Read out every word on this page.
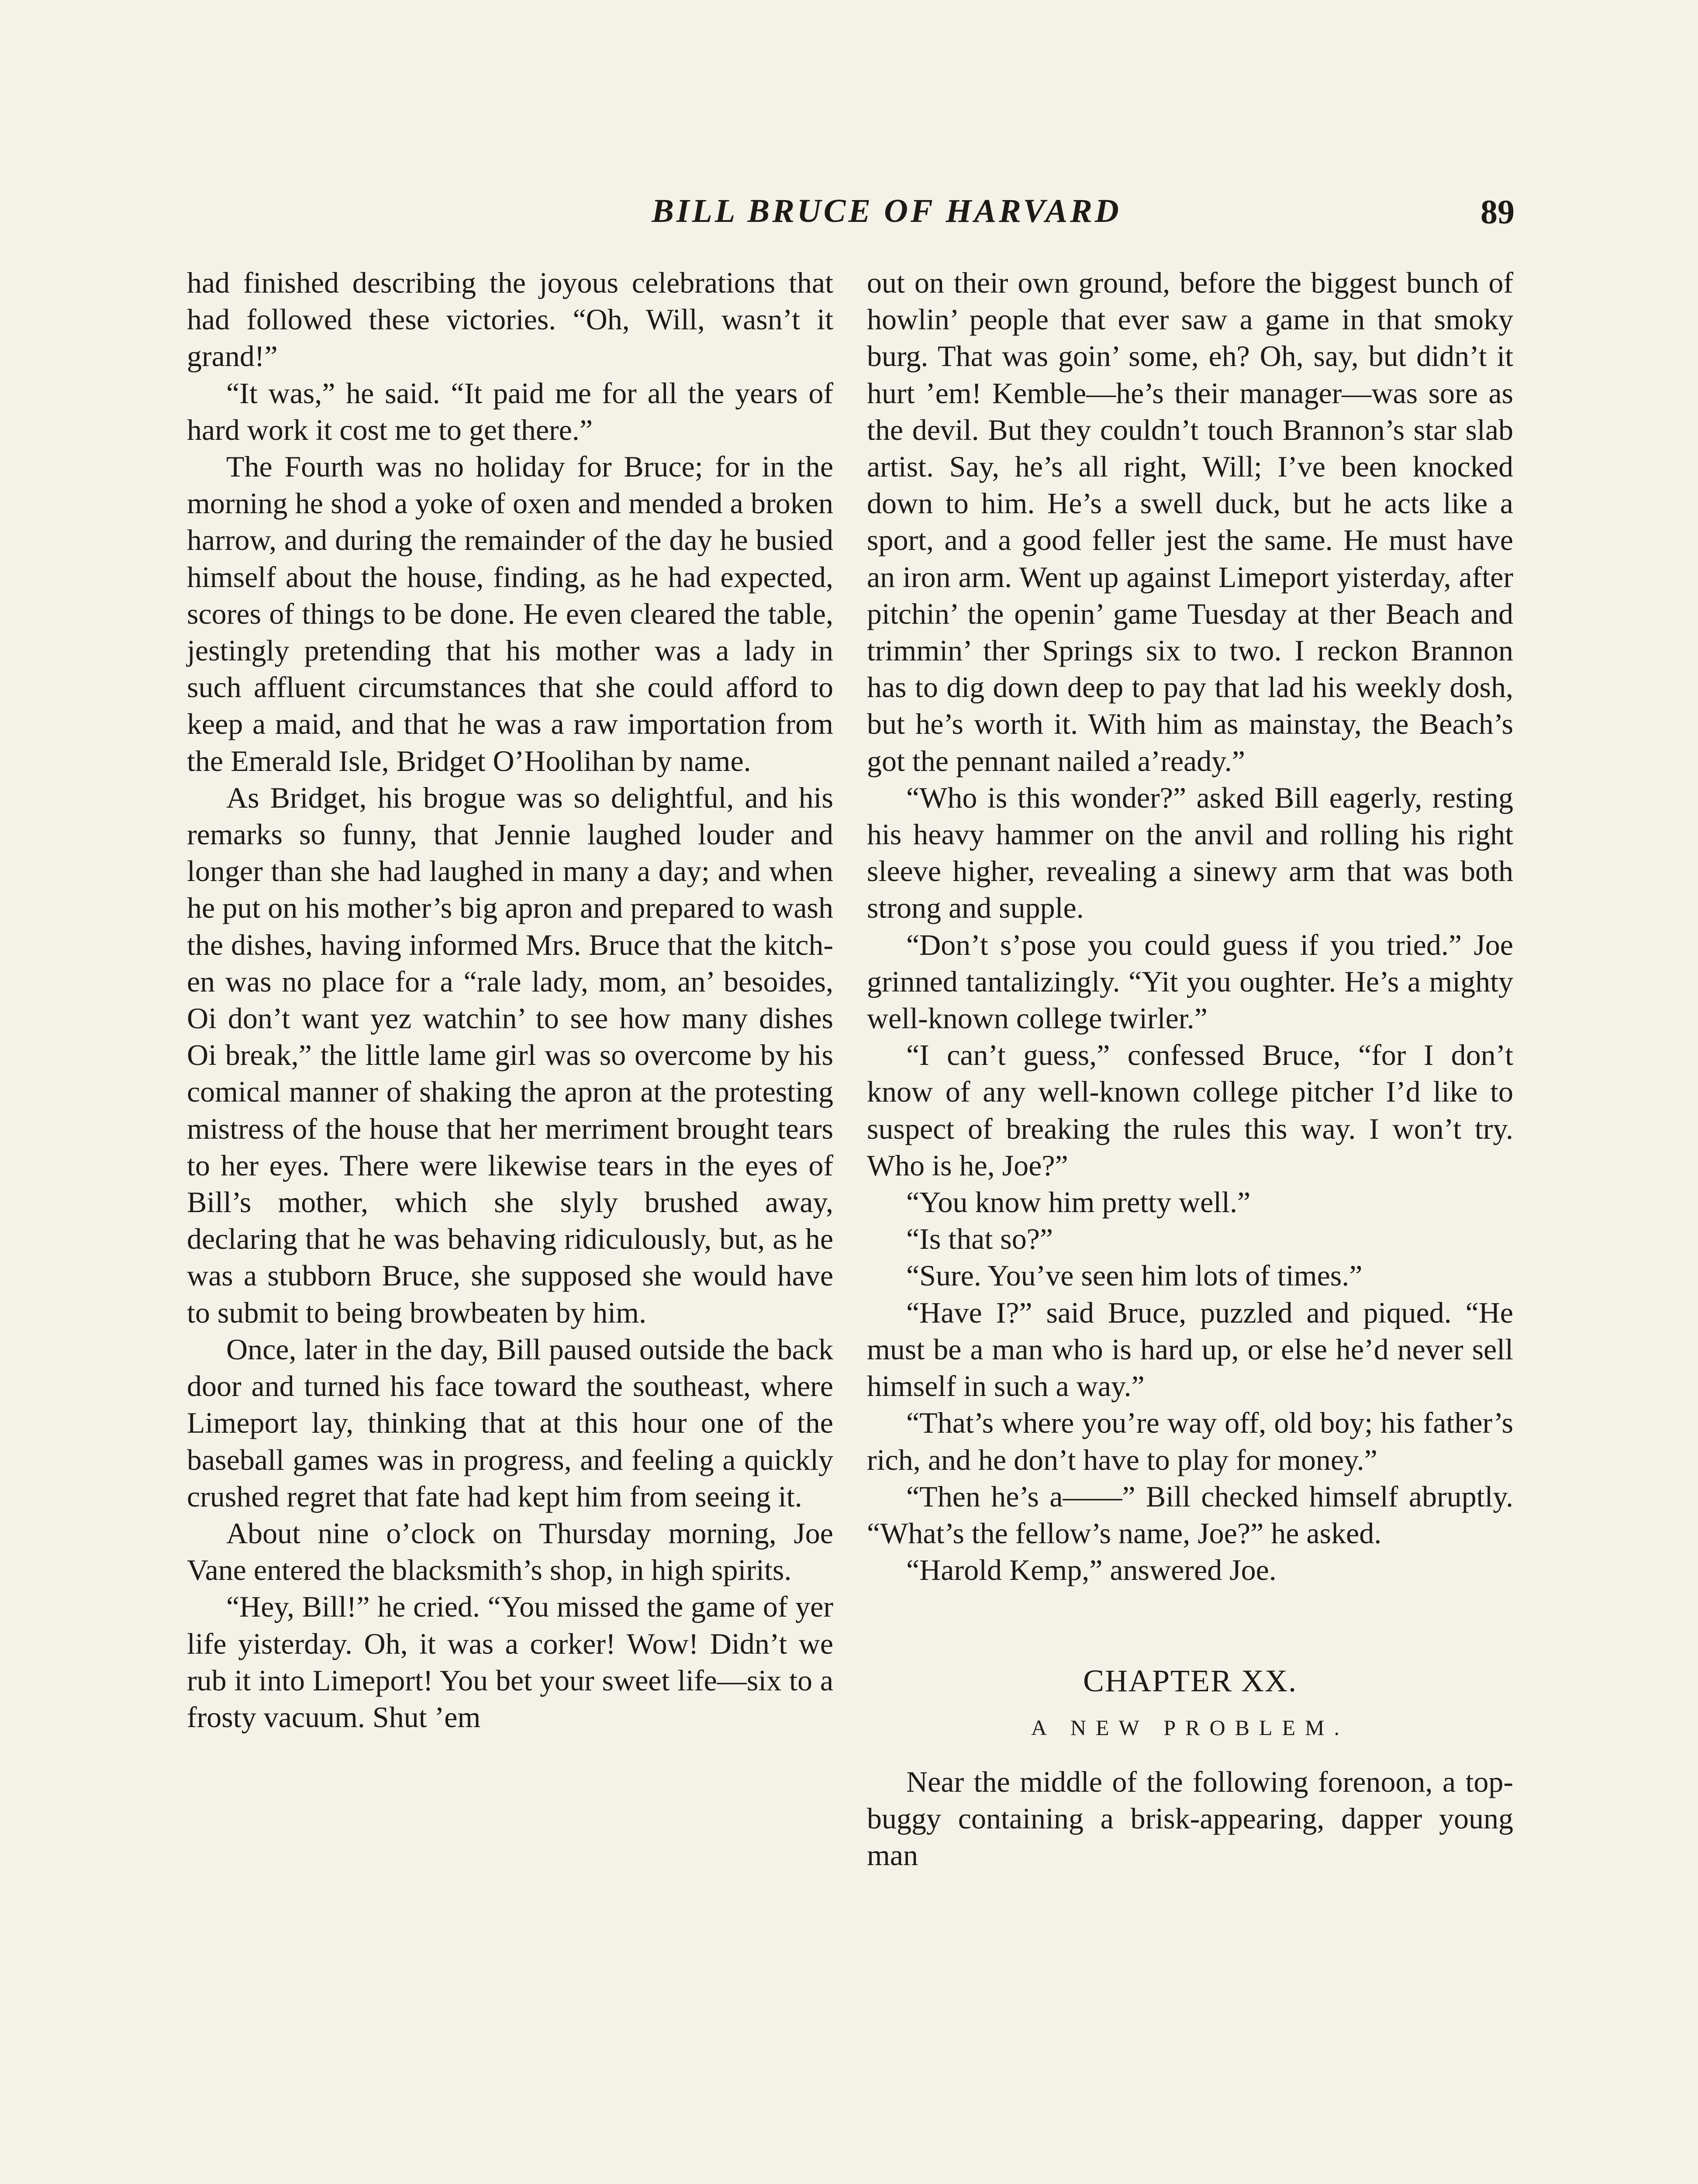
BILL BRUCE OF HARVARD	89

had finished describing the joyous celebrations that had followed these victories. “Oh, Will, wasn’t it grand!”

“It was,” he said. “It paid me for all the years of hard work it cost me to get there.”

The Fourth was no holiday for Bruce; for in the morning he shod a yoke of oxen and mended a broken harrow, and during the remainder of the day he busied himself about the house, finding, as he had expected, scores of things to be done. He even cleared the table, jestingly pretending that his mother was a lady in such affluent circumstances that she could afford to keep a maid, and that he was a raw importation from the Emerald Isle, Bridget O’Hoolihan by name.

As Bridget, his brogue was so delightful, and his remarks so funny, that Jennie laughed louder and longer than she had laughed in many a day; and when he put on his mother’s big apron and prepared to wash the dishes, having informed Mrs. Bruce that the kitchen was no place for a “rale lady, mom, an’ besoides, Oi don’t want yez watchin’ to see how many dishes Oi break,” the little lame girl was so overcome by his comical manner of shaking the apron at the protesting mistress of the house that her merriment brought tears to her eyes. There were likewise tears in the eyes of Bill’s mother, which she slyly brushed away, declaring that he was behaving ridiculously, but, as he was a stubborn Bruce, she supposed she would have to submit to being browbeaten by him.

Once, later in the day, Bill paused outside the back door and turned his face toward the southeast, where Limeport lay, thinking that at this hour one of the baseball games was in progress, and feeling a quickly crushed regret that fate had kept him from seeing it.

About nine o’clock on Thursday morning, Joe Vane entered the blacksmith’s shop, in high spirits.

“Hey, Bill!” he cried. “You missed the game of yer life yisterday. Oh, it was a corker! Wow! Didn’t we rub it into Limeport! You bet your sweet life—six to a frosty vacuum. Shut ’em

out on their own ground, before the biggest bunch of howlin’ people that ever saw a game in that smoky burg. That was goin’ some, eh? Oh, say, but didn’t it hurt ’em! Kemble—he’s their manager—was sore as the devil. But they couldn’t touch Brannon’s star slab artist. Say, he’s all right, Will; I’ve been knocked down to him. He’s a swell duck, but he acts like a sport, and a good feller jest the same. He must have an iron arm. Went up against Limeport yisterday, after pitchin’ the openin’ game Tuesday at ther Beach and trimmin’ ther Springs six to two. I reckon Brannon has to dig down deep to pay that lad his weekly dosh, but he’s worth it. With him as mainstay, the Beach’s got the pennant nailed a’ready.”

“Who is this wonder?” asked Bill eagerly, resting his heavy hammer on the anvil and rolling his right sleeve higher, revealing a sinewy arm that was both strong and supple.

“Don’t s’pose you could guess if you tried.” Joe grinned tantalizingly. “Yit you oughter. He’s a mighty well-known college twirler.”

“I can’t guess,” confessed Bruce, “for I don’t know of any well-known college pitcher I’d like to suspect of breaking the rules this way. I won’t try. Who is he, Joe?”

“You know him pretty well.”

“Is that so?”

“Sure. You’ve seen him lots of times.”

“Have I?” said Bruce, puzzled and piqued. “He must be a man who is hard up, or else he’d never sell himself in such a way.”

“That’s where you’re way off, old boy; his father’s rich, and he don’t have to play for money.”

“Then he’s a——” Bill checked himself abruptly. “What’s the fellow’s name, Joe?” he asked.

“Harold Kemp,” answered Joe.

CHAPTER XX.
A NEW PROBLEM.

Near the middle of the following forenoon, a top-buggy containing a brisk-appearing, dapper young man
